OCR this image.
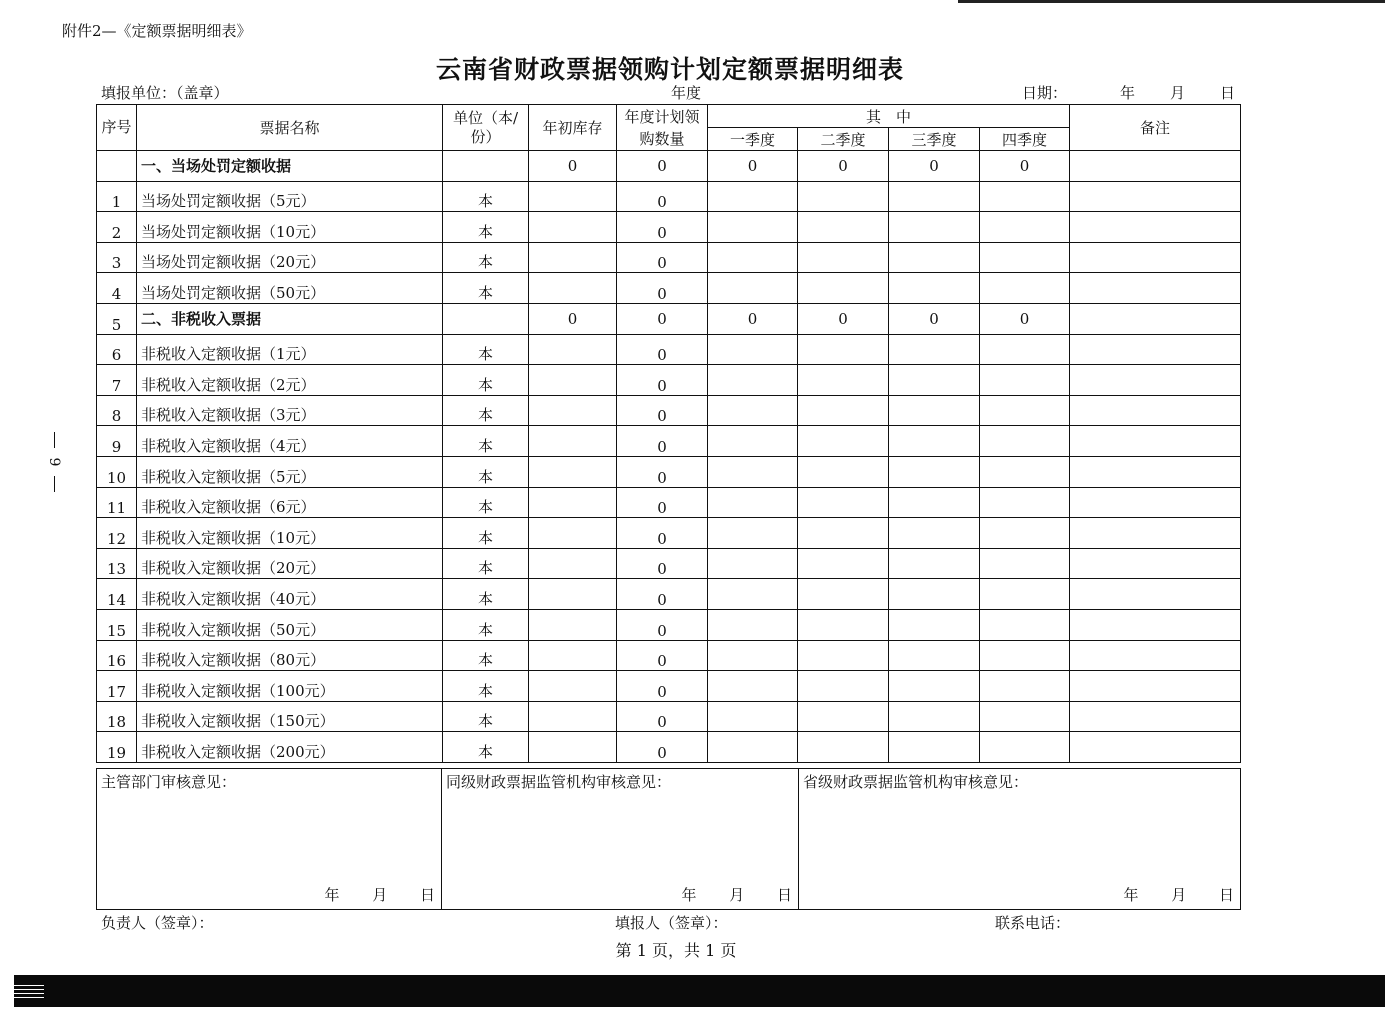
附件2—《定额票据明细表》
云南省财政票据领购计划定额票据明细表
填报单位：（盖章）	年度	日期：	年 月 日
9
序号	票据名称	单位（本/份）	年初库存	年度计划领购数量	其　中				备注
					一季度	二季度	三季度	四季度	
	一、当场处罚定额收据		0	0	0	0	0	0	
1	当场处罚定额收据（5元）	本		0					
2	当场处罚定额收据（10元）	本		0					
3	当场处罚定额收据（20元）	本		0					
4	当场处罚定额收据（50元）	本		0					
5	二、非税收入票据		0	0	0	0	0	0	
6	非税收入定额收据（1元）	本		0					
7	非税收入定额收据（2元）	本		0					
8	非税收入定额收据（3元）	本		0					
9	非税收入定额收据（4元）	本		0					
10	非税收入定额收据（5元）	本		0					
11	非税收入定额收据（6元）	本		0					
12	非税收入定额收据（10元）	本		0					
13	非税收入定额收据（20元）	本		0					
14	非税收入定额收据（40元）	本		0					
15	非税收入定额收据（50元）	本		0					
16	非税收入定额收据（80元）	本		0					
17	非税收入定额收据（100元）	本		0					
18	非税收入定额收据（150元）	本		0					
19	非税收入定额收据（200元）	本		0					
主管部门审核意见：
年 月 日
	同级财政票据监管机构审核意见：
年 月 日
	省级财政票据监管机构审核意见：
年 月 日
负责人（签章）：	填报人（签章）：	联系电话：
第 1 页，共 1 页
